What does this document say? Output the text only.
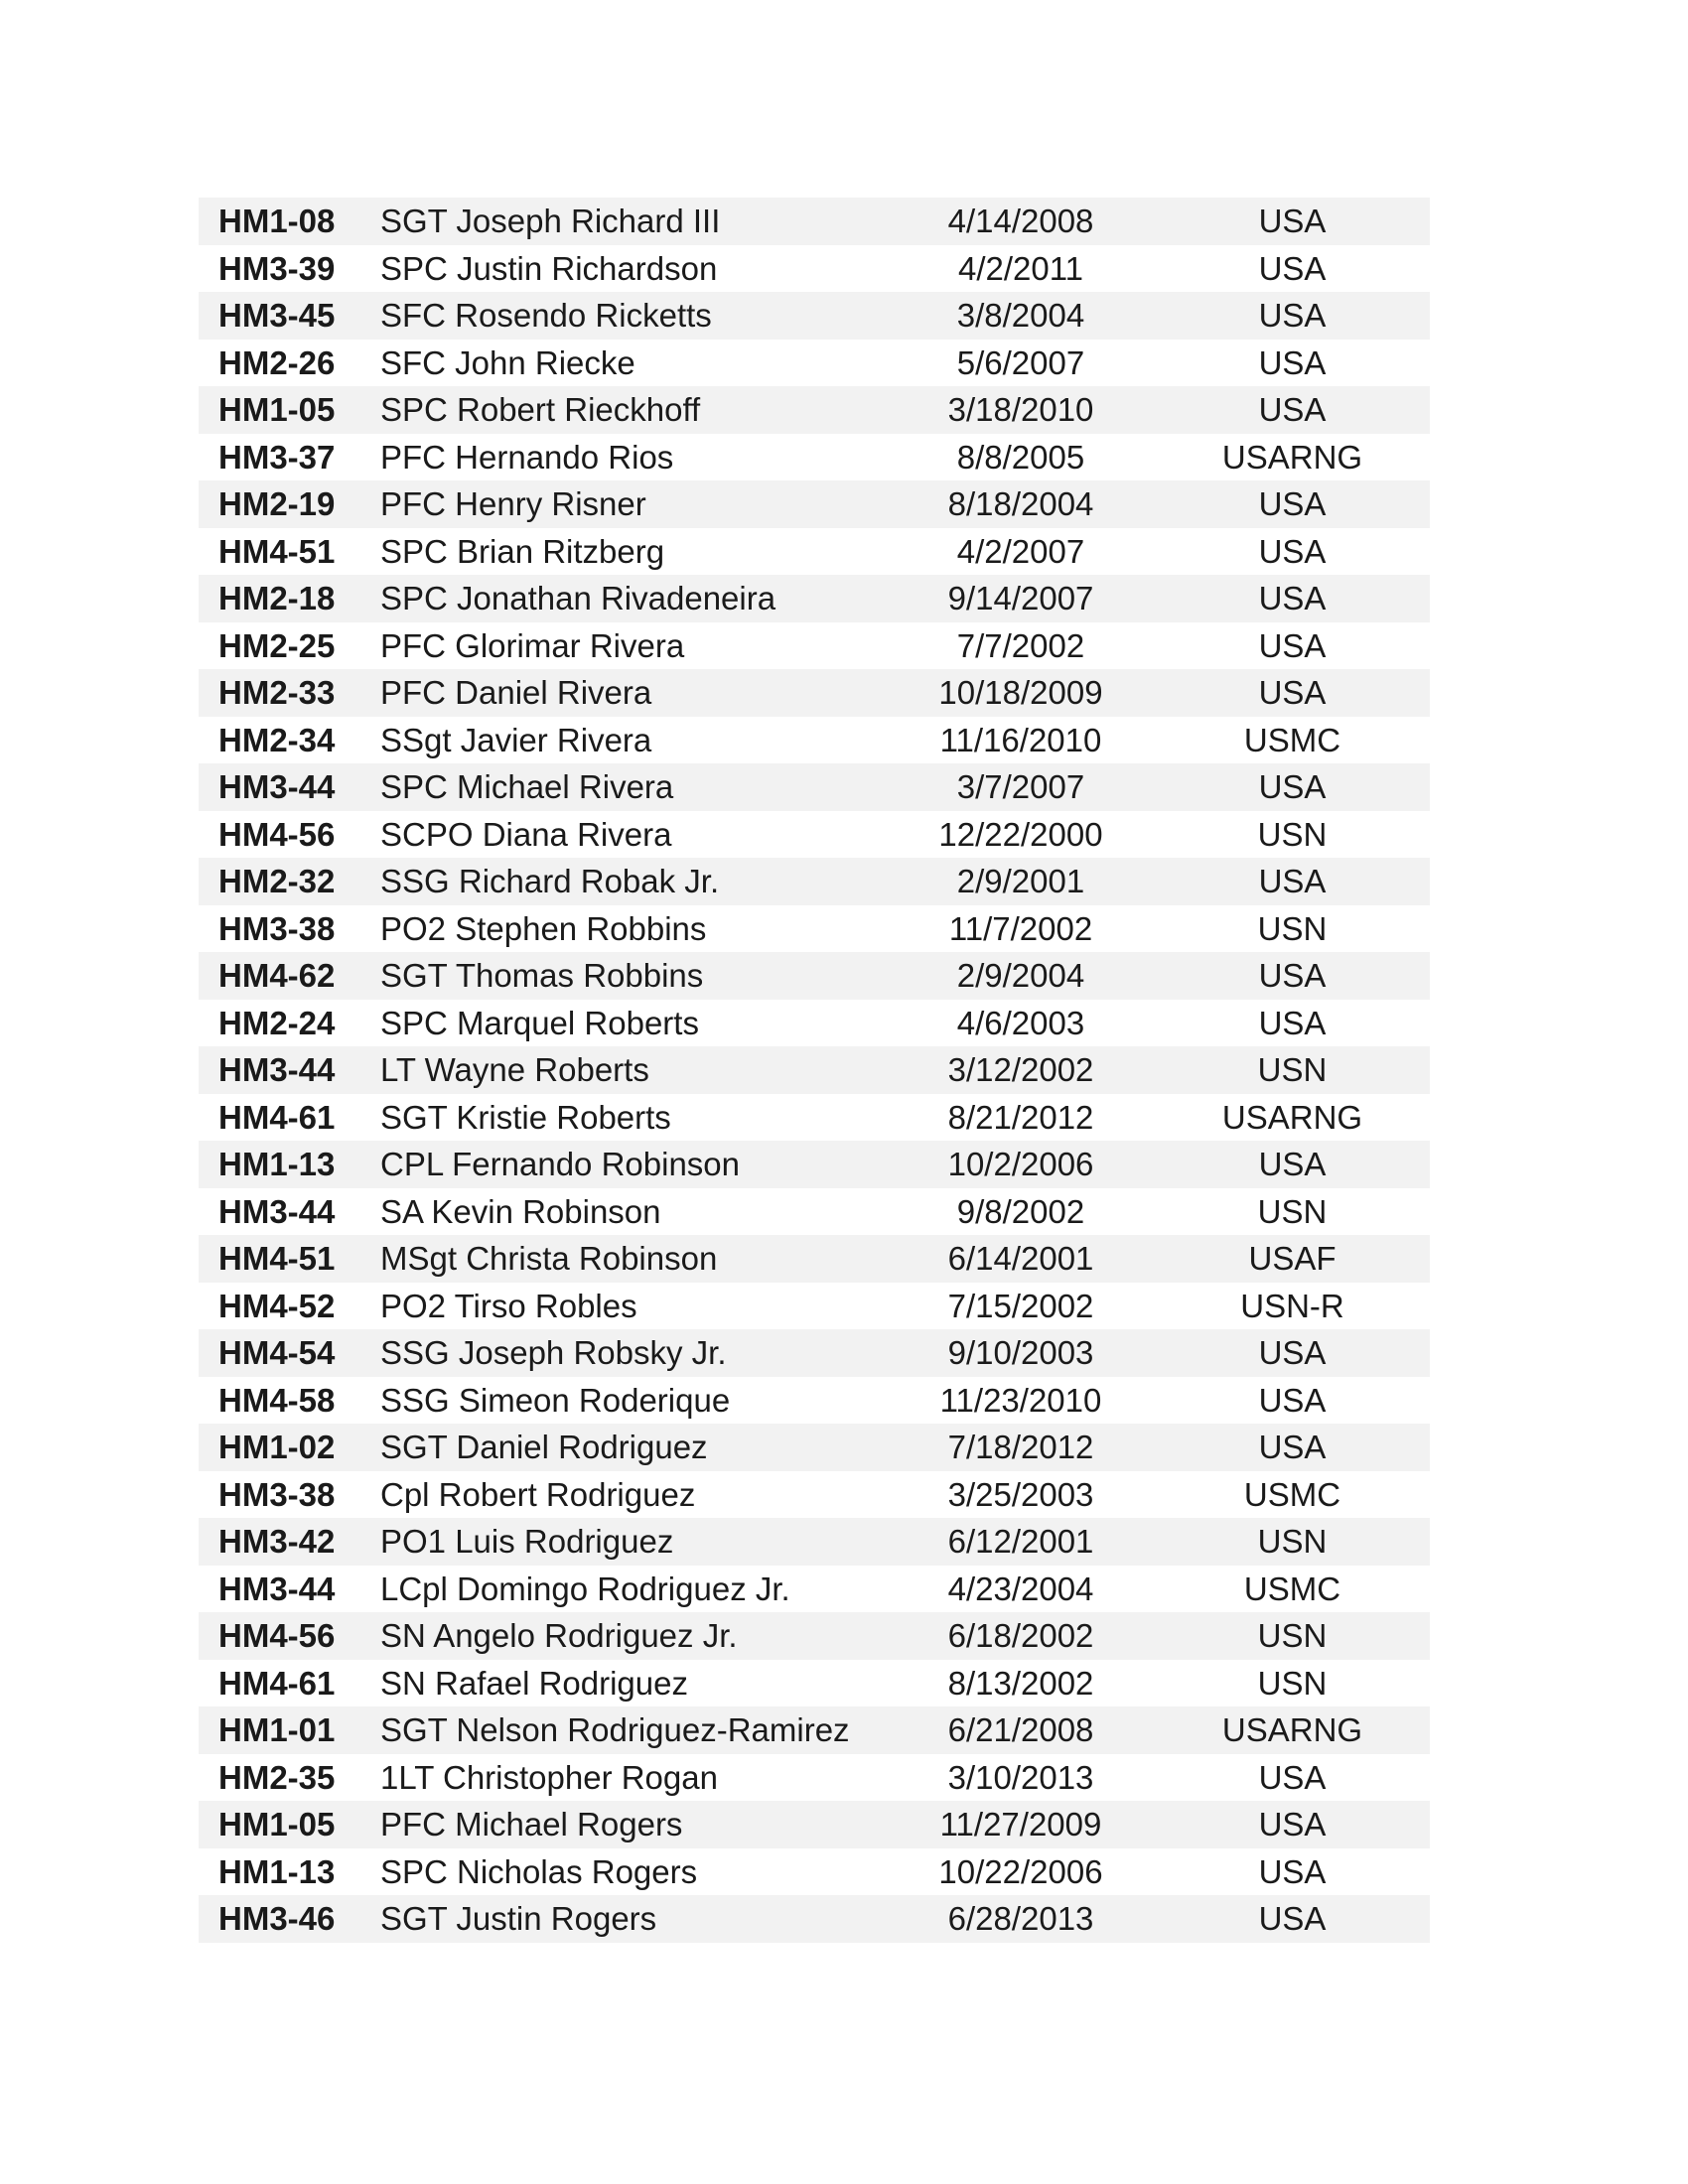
HM1-08	SGT Joseph Richard III	4/14/2008	USA
HM3-39	SPC Justin Richardson	4/2/2011	USA
HM3-45	SFC Rosendo Ricketts	3/8/2004	USA
HM2-26	SFC John Riecke	5/6/2007	USA
HM1-05	SPC Robert Rieckhoff	3/18/2010	USA
HM3-37	PFC Hernando Rios	8/8/2005	USARNG
HM2-19	PFC Henry Risner	8/18/2004	USA
HM4-51	SPC Brian Ritzberg	4/2/2007	USA
HM2-18	SPC Jonathan Rivadeneira	9/14/2007	USA
HM2-25	PFC Glorimar Rivera	7/7/2002	USA
HM2-33	PFC Daniel Rivera	10/18/2009	USA
HM2-34	SSgt Javier Rivera	11/16/2010	USMC
HM3-44	SPC Michael Rivera	3/7/2007	USA
HM4-56	SCPO Diana Rivera	12/22/2000	USN
HM2-32	SSG Richard Robak Jr.	2/9/2001	USA
HM3-38	PO2 Stephen Robbins	11/7/2002	USN
HM4-62	SGT Thomas Robbins	2/9/2004	USA
HM2-24	SPC Marquel Roberts	4/6/2003	USA
HM3-44	LT Wayne Roberts	3/12/2002	USN
HM4-61	SGT Kristie Roberts	8/21/2012	USARNG
HM1-13	CPL Fernando Robinson	10/2/2006	USA
HM3-44	SA Kevin Robinson	9/8/2002	USN
HM4-51	MSgt Christa Robinson	6/14/2001	USAF
HM4-52	PO2 Tirso Robles	7/15/2002	USN-R
HM4-54	SSG Joseph Robsky Jr.	9/10/2003	USA
HM4-58	SSG Simeon Roderique	11/23/2010	USA
HM1-02	SGT Daniel Rodriguez	7/18/2012	USA
HM3-38	Cpl Robert Rodriguez	3/25/2003	USMC
HM3-42	PO1 Luis Rodriguez	6/12/2001	USN
HM3-44	LCpl Domingo Rodriguez Jr.	4/23/2004	USMC
HM4-56	SN Angelo Rodriguez Jr.	6/18/2002	USN
HM4-61	SN Rafael Rodriguez	8/13/2002	USN
HM1-01	SGT Nelson Rodriguez-Ramirez	6/21/2008	USARNG
HM2-35	1LT Christopher Rogan	3/10/2013	USA
HM1-05	PFC Michael Rogers	11/27/2009	USA
HM1-13	SPC Nicholas Rogers	10/22/2006	USA
HM3-46	SGT Justin Rogers	6/28/2013	USA
